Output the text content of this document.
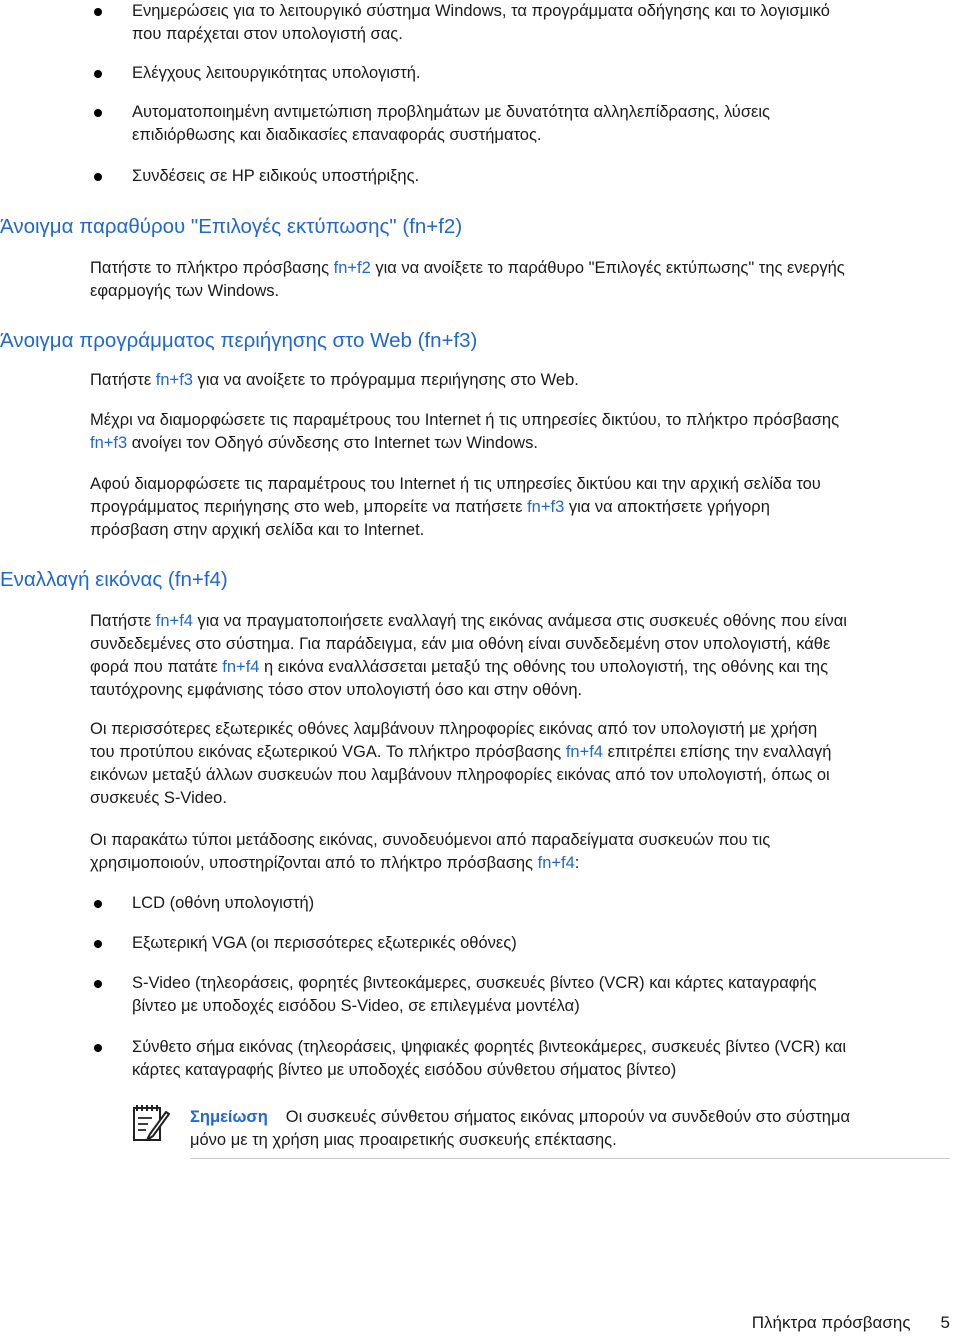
Ενημερώσεις για το λειτουργικό σύστημα Windows, τα προγράμματα οδήγησης και το λογισμικό
που παρέχεται στον υπολογιστή σας.
Ελέγχους λειτουργικότητας υπολογιστή.
Αυτοματοποιημένη αντιμετώπιση προβλημάτων με δυνατότητα αλληλεπίδρασης, λύσεις
επιδιόρθωσης και διαδικασίες επαναφοράς συστήματος.
Συνδέσεις σε HP ειδικούς υποστήριξης.
Άνοιγμα παραθύρου "Επιλογές εκτύπωσης" (fn+f2)

Πατήστε το πλήκτρο πρόσβασης fn+f2 για να ανοίξετε το παράθυρο "Επιλογές εκτύπωσης" της ενεργής
εφαρμογής των Windows.

Άνοιγμα προγράμματος περιήγησης στο Web (fn+f3)

Πατήστε fn+f3 για να ανοίξετε το πρόγραμμα περιήγησης στο Web.

Μέχρι να διαμορφώσετε τις παραμέτρους του Internet ή τις υπηρεσίες δικτύου, το πλήκτρο πρόσβασης
fn+f3 ανοίγει τον Οδηγό σύνδεσης στο Internet των Windows.

Αφού διαμορφώσετε τις παραμέτρους του Internet ή τις υπηρεσίες δικτύου και την αρχική σελίδα του
προγράμματος περιήγησης στο web, μπορείτε να πατήσετε fn+f3 για να αποκτήσετε γρήγορη
πρόσβαση στην αρχική σελίδα και το Internet.

Εναλλαγή εικόνας (fn+f4)

Πατήστε fn+f4 για να πραγματοποιήσετε εναλλαγή της εικόνας ανάμεσα στις συσκευές οθόνης που είναι
συνδεδεμένες στο σύστημα. Για παράδειγμα, εάν μια οθόνη είναι συνδεδεμένη στον υπολογιστή, κάθε
φορά που πατάτε fn+f4 η εικόνα εναλλάσσεται μεταξύ της οθόνης του υπολογιστή, της οθόνης και της
ταυτόχρονης εμφάνισης τόσο στον υπολογιστή όσο και στην οθόνη.

Οι περισσότερες εξωτερικές οθόνες λαμβάνουν πληροφορίες εικόνας από τον υπολογιστή με χρήση
του προτύπου εικόνας εξωτερικού VGA. Το πλήκτρο πρόσβασης fn+f4 επιτρέπει επίσης την εναλλαγή
εικόνων μεταξύ άλλων συσκευών που λαμβάνουν πληροφορίες εικόνας από τον υπολογιστή, όπως οι
συσκευές S-Video.

Οι παρακάτω τύποι μετάδοσης εικόνας, συνοδευόμενοι από παραδείγματα συσκευών που τις
χρησιμοποιούν, υποστηρίζονται από το πλήκτρο πρόσβασης fn+f4:

LCD (οθόνη υπολογιστή)
Εξωτερική VGA (οι περισσότερες εξωτερικές οθόνες)
S-Video (τηλεοράσεις, φορητές βιντεοκάμερες, συσκευές βίντεο (VCR) και κάρτες καταγραφής
βίντεο με υποδοχές εισόδου S-Video, σε επιλεγμένα μοντέλα)
Σύνθετο σήμα εικόνας (τηλεοράσεις, ψηφιακές φορητές βιντεοκάμερες, συσκευές βίντεο (VCR) και
κάρτες καταγραφής βίντεο με υποδοχές εισόδου σύνθετου σήματος βίντεο)
Σημείωση Οι συσκευές σύνθετου σήματος εικόνας μπορούν να συνδεθούν στο σύστημα
μόνο με τη χρήση μιας προαιρετικής συσκευής επέκτασης.
Πλήκτρα πρόσβασης 5
